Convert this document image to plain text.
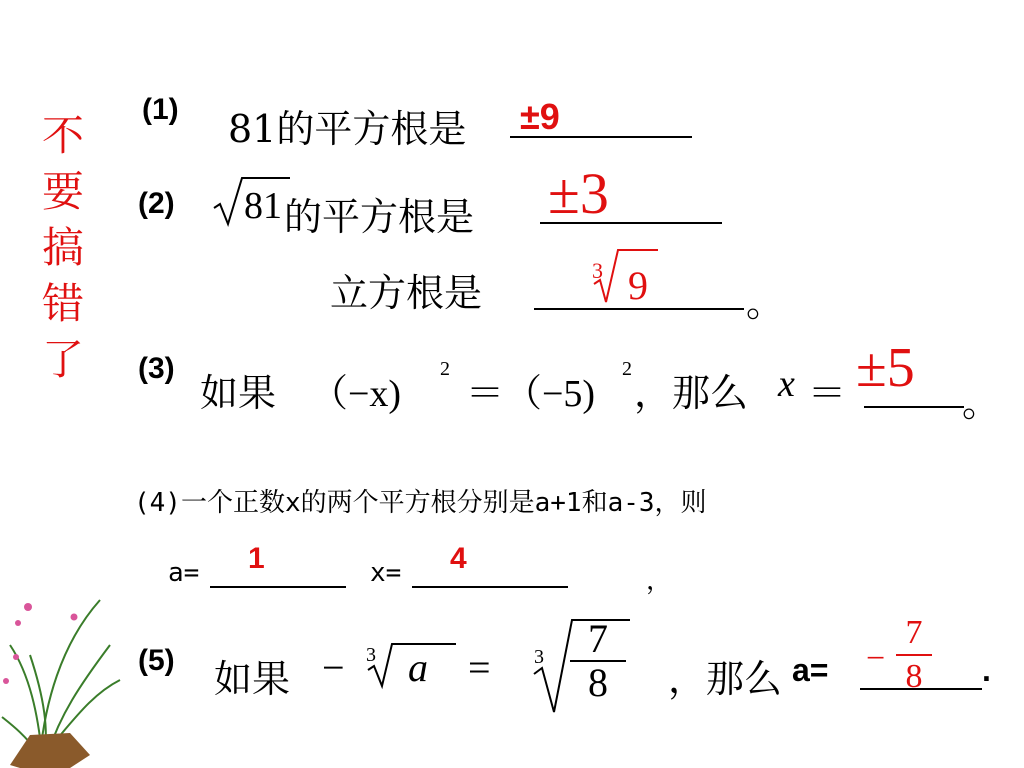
不
要
搞
错
了
(1) 81的平方根是 ±9
(2) 81 的平方根是 ±3
立方根是
3 9	。
(3)
如果 （−x)
2
＝（−5)
2
，那么 x ＝ ±5
。
(4)一个正数x的两个平方根分别是a+1和a-3，则
a= 1	x= 4
，
(5) 如果 − 3 a = 3	7
8	，那么 a= −
7
8 .
